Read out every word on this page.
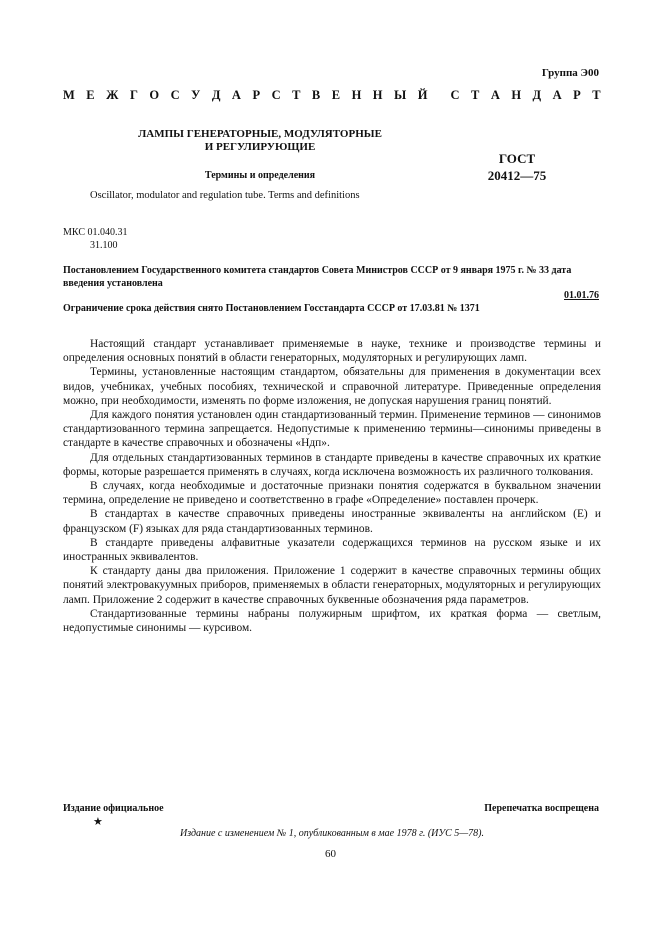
Группа Э00
М Е Ж Г О С У Д А Р С Т В Е Н Н Ы Й С Т А Н Д А Р Т
ЛАМПЫ ГЕНЕРАТОРНЫЕ, МОДУЛЯТОРНЫЕ
И РЕГУЛИРУЮЩИЕ
Термины и определения
ГОСТ
20412—75
Oscillator, modulator and regulation tube. Terms and definitions
МКС 01.040.31
31.100
Постановлением Государственного комитета стандартов Совета Министров СССР от 9 января 1975 г. № 33 дата введения установлена
01.01.76
Ограничение срока действия снято Постановлением Госстандарта СССР от 17.03.81 № 1371

Настоящий стандарт устанавливает применяемые в науке, технике и производстве термины и определения основных понятий в области генераторных, модуляторных и регулирующих ламп.

Термины, установленные настоящим стандартом, обязательны для применения в документации всех видов, учебниках, учебных пособиях, технической и справочной литературе. Приведенные определения можно, при необходимости, изменять по форме изложения, не допуская нарушения границ понятий.

Для каждого понятия установлен один стандартизованный термин. Применение терминов — синонимов стандартизованного термина запрещается. Недопустимые к применению термины—синонимы приведены в стандарте в качестве справочных и обозначены «Ндп».

Для отдельных стандартизованных терминов в стандарте приведены в качестве справочных их краткие формы, которые разрешается применять в случаях, когда исключена возможность их различного толкования.

В случаях, когда необходимые и достаточные признаки понятия содержатся в буквальном значении термина, определение не приведено и соответственно в графе «Определение» поставлен прочерк.

В стандартах в качестве справочных приведены иностранные эквиваленты на английском (Е) и французском (F) языках для ряда стандартизованных терминов.

В стандарте приведены алфавитные указатели содержащихся терминов на русском языке и их иностранных эквивалентов.

К стандарту даны два приложения. Приложение 1 содержит в качестве справочных термины общих понятий электровакуумных приборов, применяемых в области генераторных, модуляторных и регулирующих ламп. Приложение 2 содержит в качестве справочных буквенные обозначения ряда параметров.

Стандартизованные термины набраны полужирным шрифтом, их краткая форма — светлым, недопустимые синонимы — курсивом.

Издание официальное	Перепечатка воспрещена
★
Издание с изменением № 1, опубликованным в мае 1978 г. (ИУС 5—78).
60
